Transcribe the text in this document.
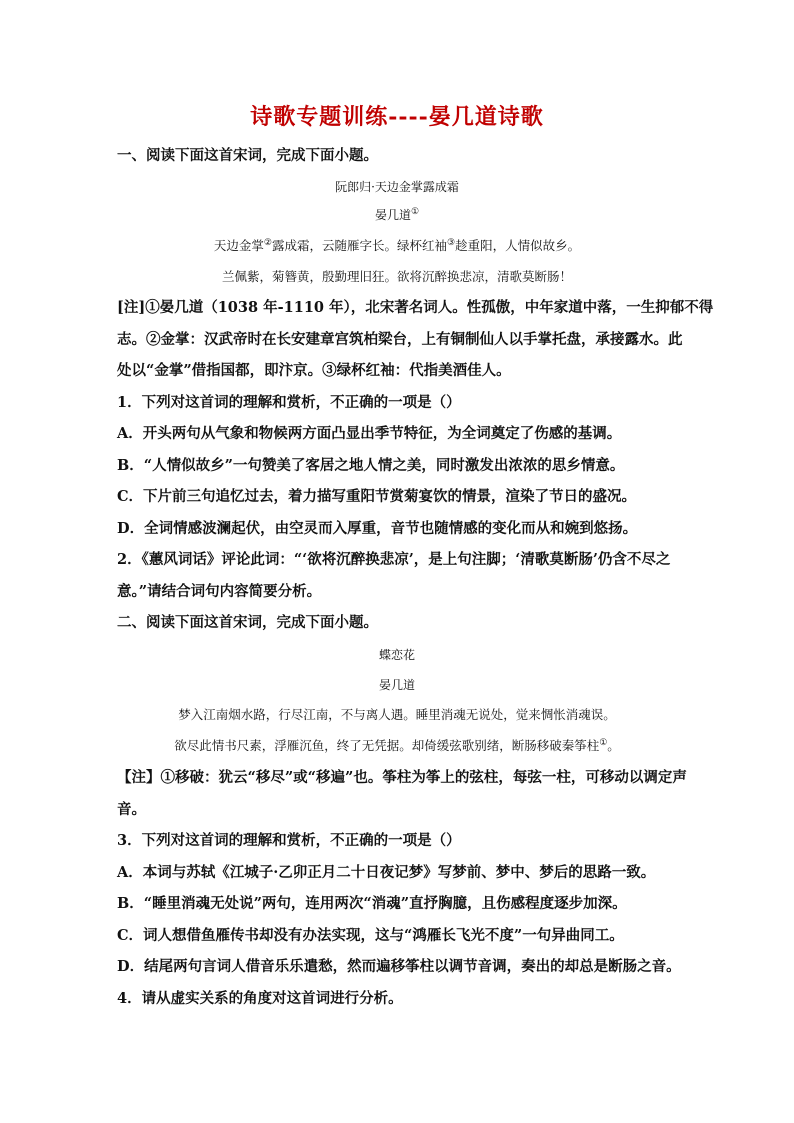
诗歌专题训练----晏几道诗歌
一、阅读下面这首宋词，完成下面小题。
阮郎归·天边金掌露成霜
晏几道①
天边金掌②露成霜，云随雁字长。绿杯红袖③趁重阳，人情似故乡。
兰佩紫，菊簪黄，殷勤理旧狂。欲将沉醉换悲凉，清歌莫断肠！
[注]①晏几道（1038 年-1110 年），北宋著名词人。性孤傲，中年家道中落，一生抑郁不得
志。②金掌：汉武帝时在长安建章宫筑柏梁台，上有铜制仙人以手掌托盘，承接露水。此
处以“金掌”借指国都，即汴京。③绿杯红袖：代指美酒佳人。
1．下列对这首词的理解和赏析，不正确的一项是（）
A．开头两句从气象和物候两方面凸显出季节特征，为全词奠定了伤感的基调。
B．“人情似故乡”一句赞美了客居之地人情之美，同时激发出浓浓的思乡情意。
C．下片前三句追忆过去，着力描写重阳节赏菊宴饮的情景，渲染了节日的盛况。
D．全词情感波澜起伏，由空灵而入厚重，音节也随情感的变化而从和婉到悠扬。
2．《蕙风词话》评论此词：“‘欲将沉醉换悲凉’，是上句注脚；‘清歌莫断肠’仍含不尽之
意。”请结合词句内容简要分析。
二、阅读下面这首宋词，完成下面小题。
蝶恋花
晏几道
梦入江南烟水路，行尽江南，不与离人遇。睡里消魂无说处，觉来惆怅消魂误。
欲尽此情书尺素，浮雁沉鱼，终了无凭据。却倚缓弦歌别绪，断肠移破秦筝柱①。
【注】①移破：犹云“移尽”或“移遍”也。筝柱为筝上的弦柱，每弦一柱，可移动以调定声
音。
3．下列对这首词的理解和赏析，不正确的一项是（）
A．本词与苏轼《江城子·乙卯正月二十日夜记梦》写梦前、梦中、梦后的思路一致。
B．“睡里消魂无处说”两句，连用两次“消魂”直抒胸臆，且伤感程度逐步加深。
C．词人想借鱼雁传书却没有办法实现，这与“鸿雁长飞光不度”一句异曲同工。
D．结尾两句言词人借音乐乐遣愁，然而遍移筝柱以调节音调，奏出的却总是断肠之音。
4．请从虚实关系的角度对这首词进行分析。
